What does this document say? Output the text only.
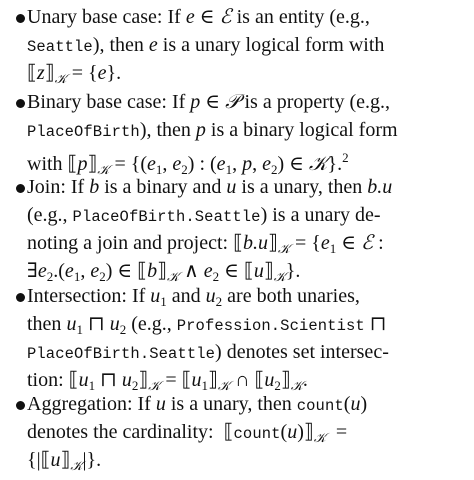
Unary base case: If e ∈ ℰ is an entity (e.g.,
Seattle), then e is a unary logical form with
$⟦z⟧_𝒦 = \{e\}$.
Binary base case: If p ∈ 𝒫 is a property (e.g.,
PlaceOfBirth), then p is a binary logical form
with $⟦p⟧_𝒦 = \{(e_1$, $e_2$) : ($e_1$, p, $e_2$) ∈ 𝒦}.$^2$
Join: If b is a binary and u is a unary, then b.u
(e.g., PlaceOfBirth.Seattle) is a unary de-
noting a join and project: $⟦b.u⟧_𝒦 = \{e_1$ ∈ ℰ :
$\exists e_2.(e_1$, $e_2$) ∈ $⟦b⟧_𝒦$ ∧ $e_2$ ∈ $⟦u⟧_𝒦$}.
Intersection: If $u_1$ and $u_2$ are both unaries,
then $u_1$ ⊓ $u_2$ (e.g., Profession.Scientist ⊓
PlaceOfBirth.Seattle) denotes set intersec-
tion: $⟦u_1$ ⊓ $u_2⟧_𝒦$ = $⟦u_1⟧_𝒦$ ∩ $⟦u_2⟧_𝒦$.
Aggregation: If u is a unary, then count(u)
denotes the cardinality:  $⟦count(u)⟧_𝒦$  =
$\{|⟦u⟧_𝒦|\}$.
